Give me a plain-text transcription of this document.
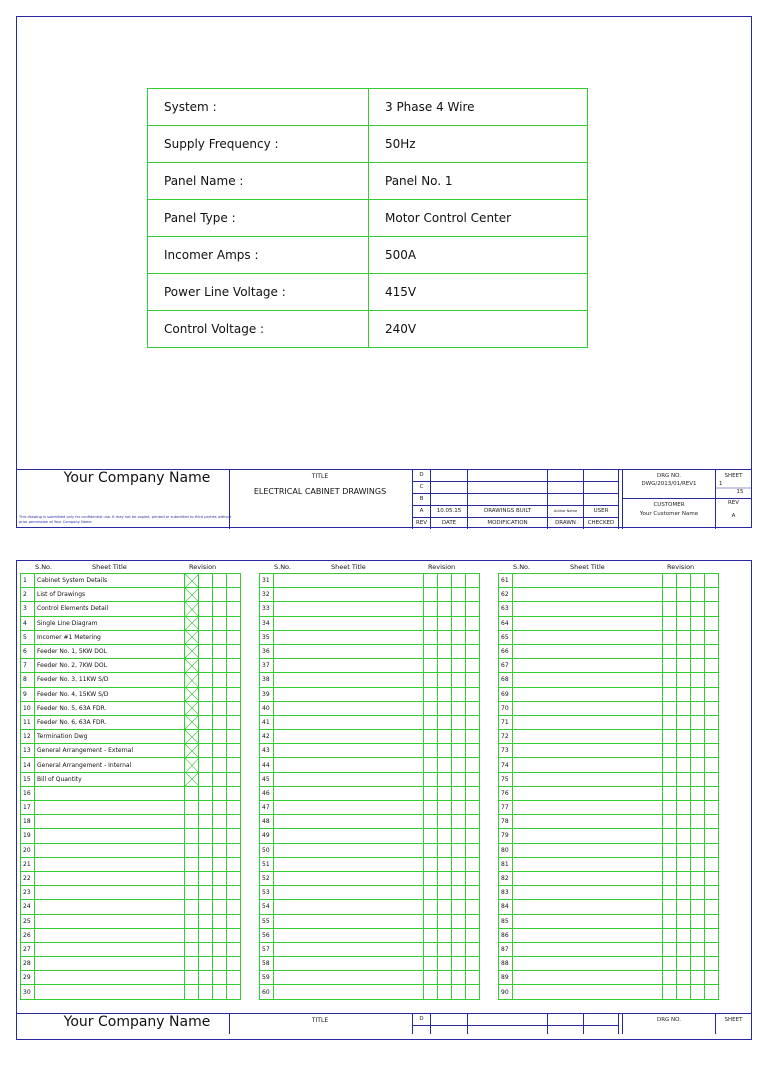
System :	3 Phase 4 Wire
Supply Frequency :	50Hz
Panel Name :	Panel No. 1
Panel Type :	Motor Control Center
Incomer Amps :	500A
Power Line Voltage :	415V
Control Voltage :	240V
Your Company Name
This drawing is submitted only for confidential use. It may not be copied, printed or submitted to third parties without prior permission of Your Company Name
TITLE
ELECTRICAL CABINET DRAWINGS
D
C
B
A	10.05.15	DRAWINGS BUILT	Author Name	USER
REV	DATE	MODIFICATION	DRAWN	CHECKED
DRG NO.
DWG/2013/01/REV1
CUSTOMER
Your Customer Name
SHEET
1
15
REV
A
S.No.	Sheet Title	Revision
1	Cabinet System Details				
2	List of Drawings				
3	Control Elements Detail				
4	Single Line Diagram				
5	Incomer #1 Metering				
6	Feeder No. 1, 5KW DOL				
7	Feeder No. 2, 7KW DOL				
8	Feeder No. 3, 11KW S/D				
9	Feeder No. 4, 15KW S/D				
10	Feeder No. 5, 63A FDR.				
11	Feeder No. 6, 63A FDR.				
12	Termination Dwg				
13	General Arrangement - External				
14	General Arrangement - Internal				
15	Bill of Quantity				
16					
17					
18					
19					
20					
21					
22					
23					
24					
25					
26					
27					
28					
29					
30					
S.No.	Sheet Title	Revision
31					
32					
33					
34					
35					
36					
37					
38					
39					
40					
41					
42					
43					
44					
45					
46					
47					
48					
49					
50					
51					
52					
53					
54					
55					
56					
57					
58					
59					
60					
S.No.	Sheet Title	Revision
61					
62					
63					
64					
65					
66					
67					
68					
69					
70					
71					
72					
73					
74					
75					
76					
77					
78					
79					
80					
81					
82					
83					
84					
85					
86					
87					
88					
89					
90					
Your Company Name	TITLE	D	DRG NO.	SHEET
